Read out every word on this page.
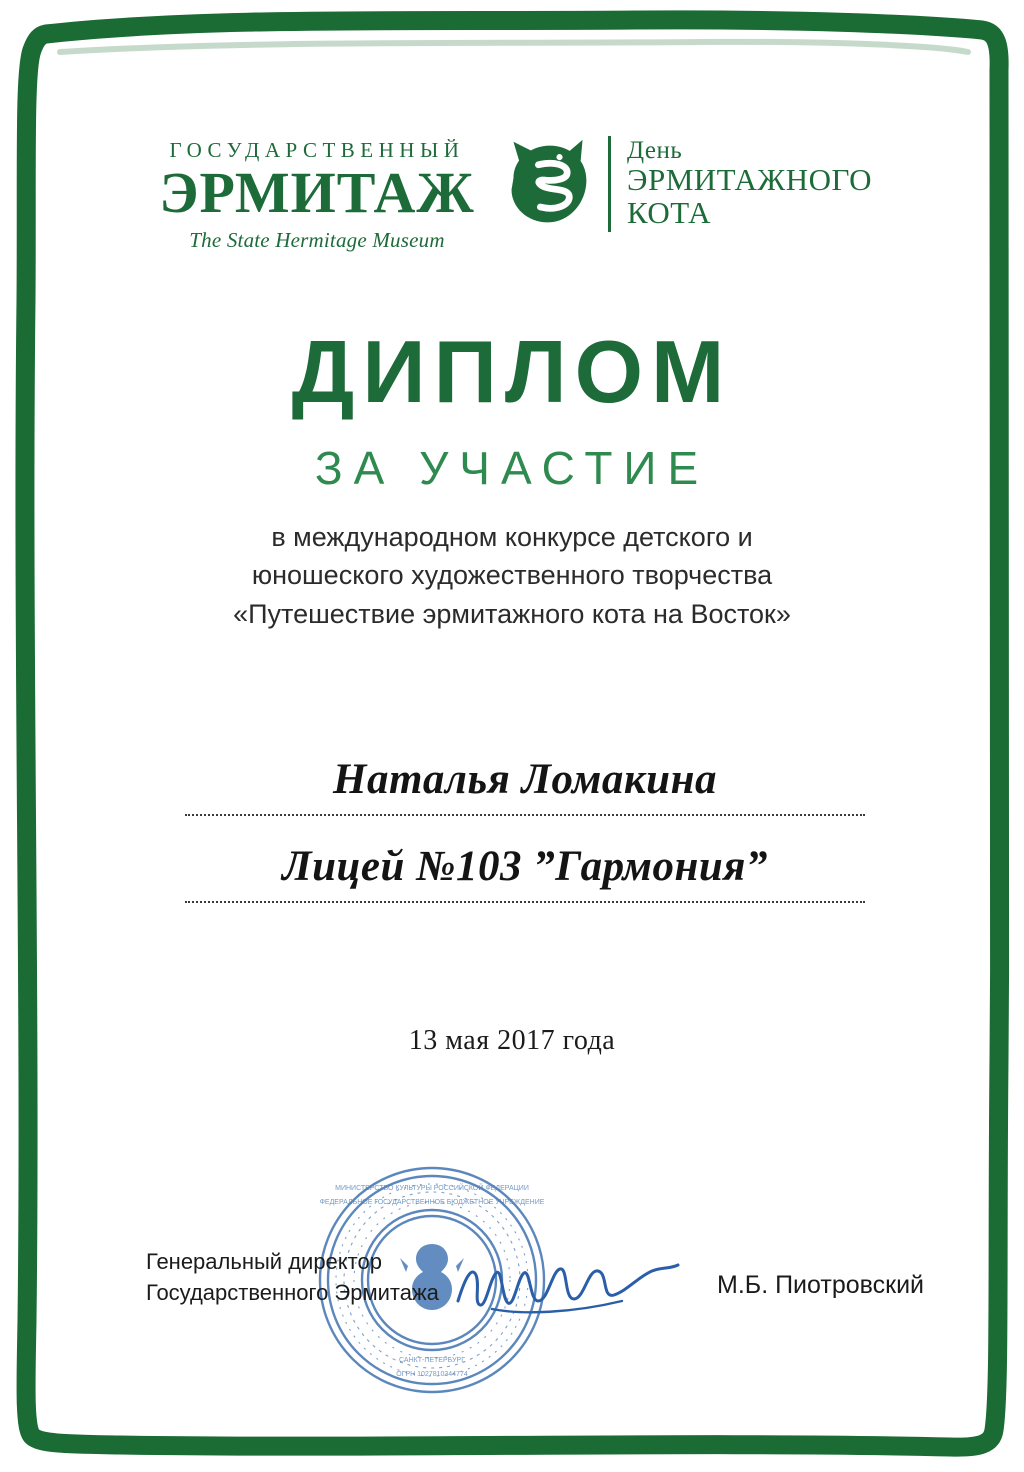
ГОСУДАРСТВЕННЫЙ
ЭРМИТАЖ
The State Hermitage Museum
День
ЭРМИТАЖНОГО
КОТА
ДИПЛОМ
ЗА УЧАСТИЕ
в международном конкурсе детского и
юношеского художественного творчества
«Путешествие эрмитажного кота на Восток»
Наталья Ломакина
Лицей №103 ”Гармония”
13 мая 2017 года
МИНИСТЕРСТВО КУЛЬТУРЫ РОССИЙСКОЙ ФЕДЕРАЦИИ
ОГРН 1027810344774
ФЕДЕРАЛЬНОЕ ГОСУДАРСТВЕННОЕ БЮДЖЕТНОЕ УЧРЕЖДЕНИЕ
САНКТ-ПЕТЕРБУРГ
Генеральный директор
Государственного Эрмитажа	М.Б. Пиотровский
